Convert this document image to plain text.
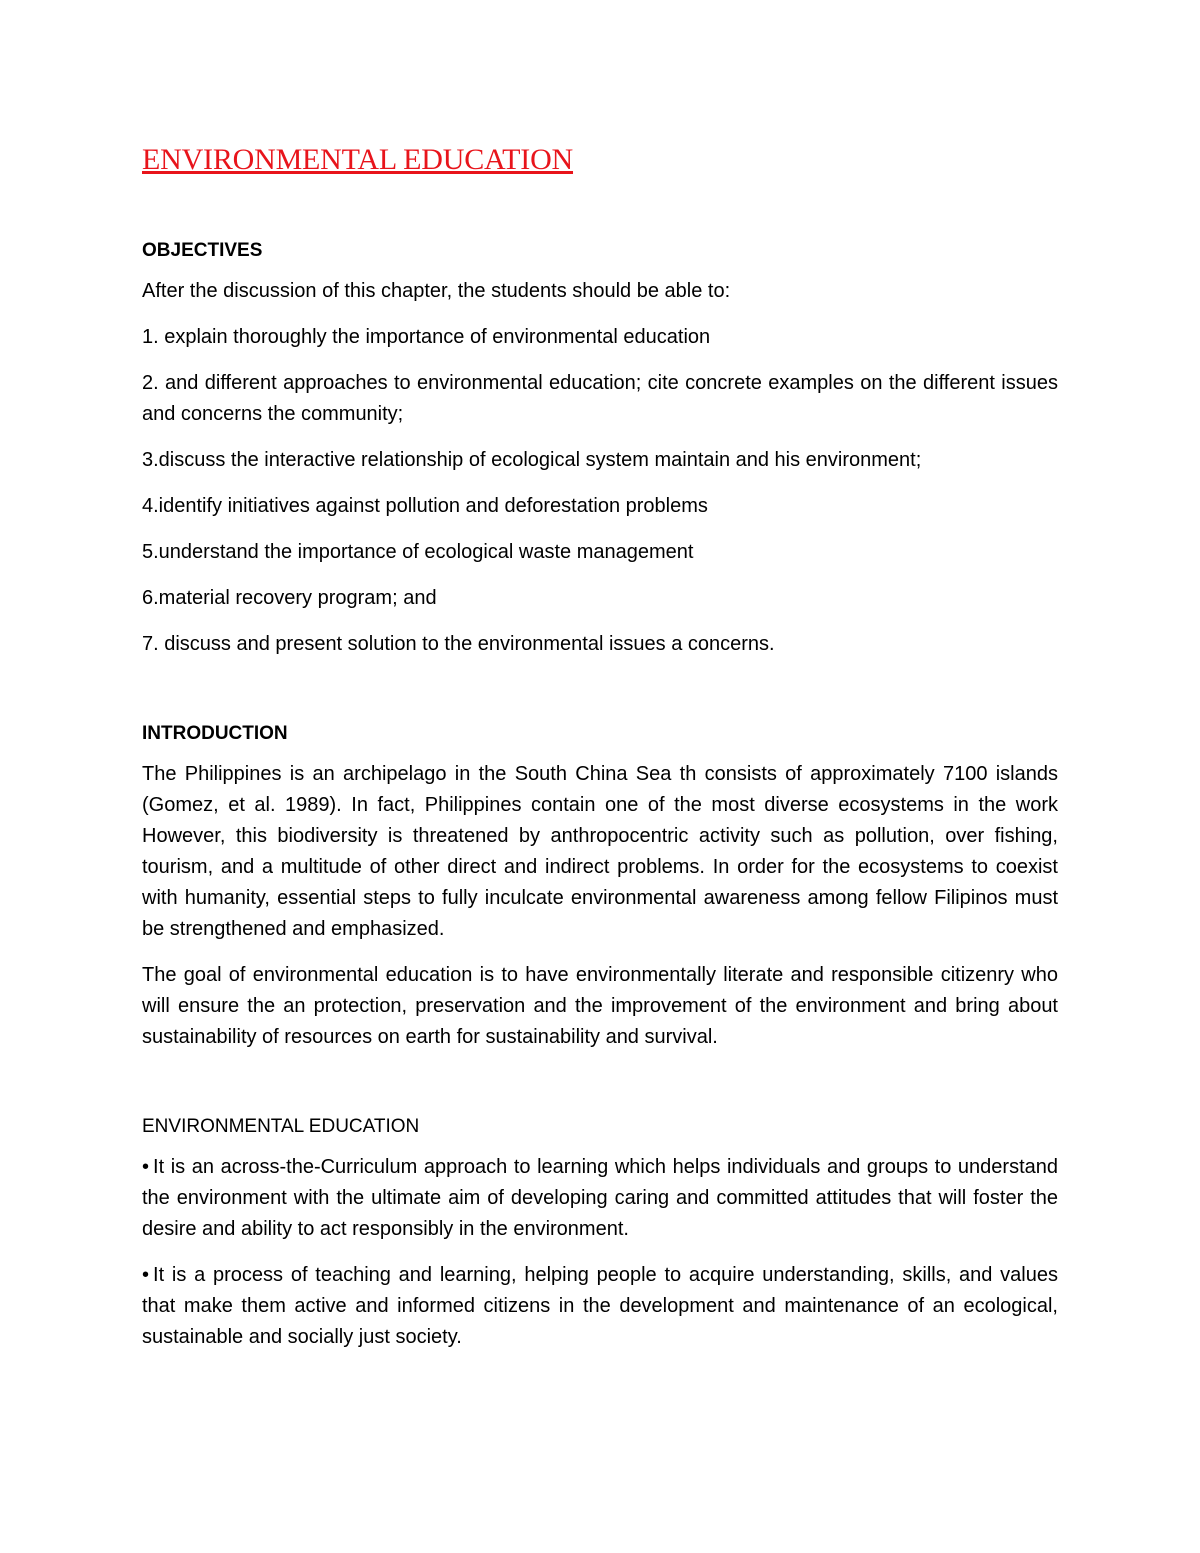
ENVIRONMENTAL EDUCATION
OBJECTIVES

After the discussion of this chapter, the students should be able to:

1. explain thoroughly the importance of environmental education

2. and different approaches to environmental education; cite concrete examples on the different issues and concerns the community;

3.discuss the interactive relationship of ecological system maintain and his environment;

4.identify initiatives against pollution and deforestation problems

5.understand the importance of ecological waste management

6.material recovery program; and

7. discuss and present solution to the environmental issues a concerns.

INTRODUCTION

The Philippines is an archipelago in the South China Sea th consists of approximately 7100 islands (Gomez, et al. 1989). In fact, Philippines contain one of the most diverse ecosystems in the work However, this biodiversity is threatened by anthropocentric activity such as pollution, over fishing, tourism, and a multitude of other direct and indirect problems. In order for the ecosystems to coexist with humanity, essential steps to fully inculcate environmental awareness among fellow Filipinos must be strengthened and emphasized.

The goal of environmental education is to have environmentally literate and responsible citizenry who will ensure the an protection, preservation and the improvement of the environment and bring about sustainability of resources on earth for sustainability and survival.

ENVIRONMENTAL EDUCATION

• It is an across-the-Curriculum approach to learning which helps individuals and groups to understand the environment with the ultimate aim of developing caring and committed attitudes that will foster the desire and ability to act responsibly in the environment.

• It is a process of teaching and learning, helping people to acquire understanding, skills, and values that make them active and informed citizens in the development and maintenance of an ecological, sustainable and socially just society.
